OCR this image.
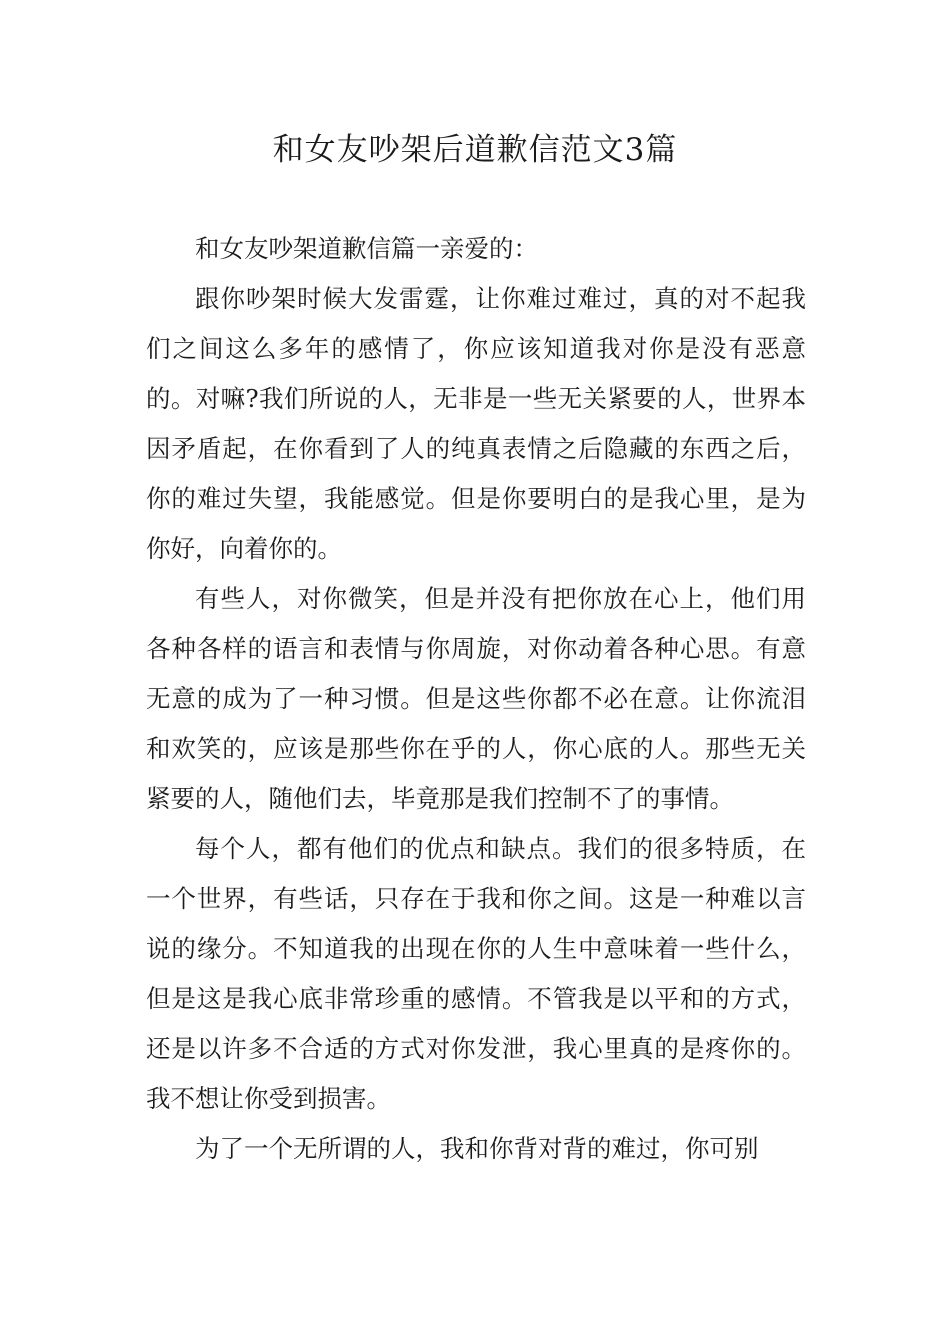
和女友吵架后道歉信范文3篇

和女友吵架道歉信篇一亲爱的：

跟你吵架时候大发雷霆，让你难过难过，真的对不起我们之间这么多年的感情了，你应该知道我对你是没有恶意的。对嘛?我们所说的人，无非是一些无关紧要的人，世界本因矛盾起，在你看到了人的纯真表情之后隐藏的东西之后，你的难过失望，我能感觉。但是你要明白的是我心里，是为你好，向着你的。

有些人，对你微笑，但是并没有把你放在心上，他们用各种各样的语言和表情与你周旋，对你动着各种心思。有意无意的成为了一种习惯。但是这些你都不必在意。让你流泪和欢笑的，应该是那些你在乎的人，你心底的人。那些无关紧要的人，随他们去，毕竟那是我们控制不了的事情。

每个人，都有他们的优点和缺点。我们的很多特质，在一个世界，有些话，只存在于我和你之间。这是一种难以言说的缘分。不知道我的出现在你的人生中意味着一些什么，但是这是我心底非常珍重的感情。不管我是以平和的方式，还是以许多不合适的方式对你发泄，我心里真的是疼你的。我不想让你受到损害。

为了一个无所谓的人，我和你背对背的难过，你可别
